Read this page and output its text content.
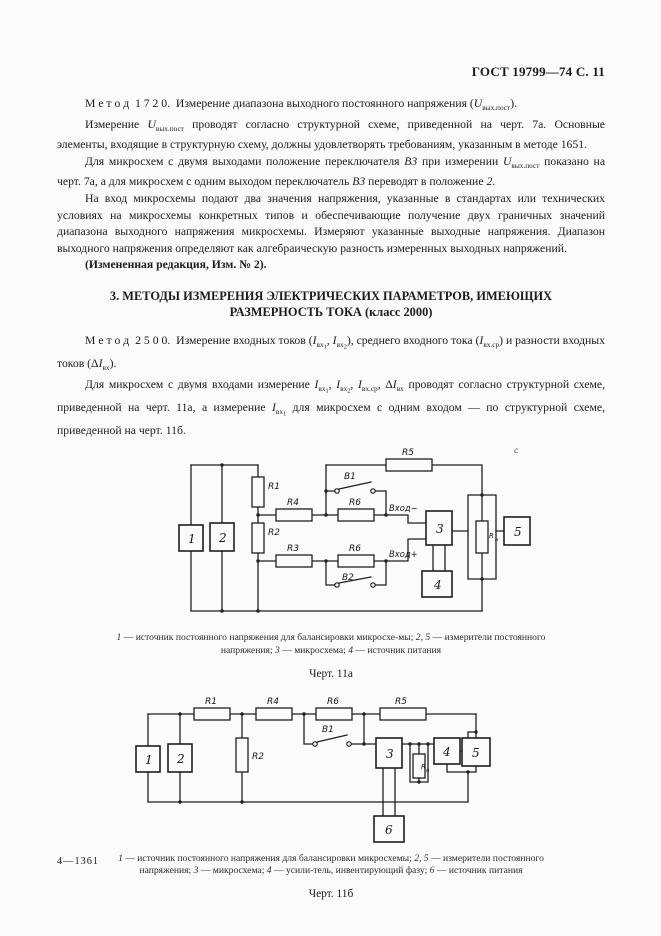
ГОСТ 19799—74 С. 11

М е т о д  1 7 2 0.  Измерение диапазона выходного постоянного напряжения $(U_{вых.пост})$.

Измерение $U_{вых.пост}$ проводят согласно структурной схеме, приведенной на черт. 7а. Основные элементы, входящие в структурную схему, должны удовлетворять требованиям, указанным в методе 1651.

Для микросхем с двумя выходами положение переключателя В3 при измерении $U_{вых.пост}$ показано на черт. 7а, а для микросхем с одним выходом переключатель В3 переводят в положение 2.

На вход микросхемы подают два значения напряжения, указанные в стандартах или технических условиях на микросхемы конкретных типов и обеспечивающие получение двух граничных значений диапазона выходного напряжения микросхемы. Измеряют указанные выходные напряжения. Диапазон выходного напряжения определяют как алгебраическую разность измеренных выходных напряжений.

(Измененная редакция, Изм. № 2).

3. МЕТОДЫ ИЗМЕРЕНИЯ ЭЛЕКТРИЧЕСКИХ ПАРАМЕТРОВ, ИМЕЮЩИХ РАЗМЕРНОСТЬ ТОКА (класс 2000)

М е т о д  2 5 0 0.  Измерение входных токов ($I_{вх1}$, $I_{вх2}$), среднего входного тока $(I_{вх.ср})$ и разности входных токов $(\Delta I_{вх})$.

Для микросхем с двумя входами измерение $I_{вх1}$, $I_{вх2}$, $I_{вх.ср}$, $\Delta I_{вх}$ проводят согласно структурной схеме, приведенной на черт. 11а, а измерение $I_{вх1}$ для микросхем с одним входом — по структурной схеме, приведенной на черт. 11б.

R1
R2
R4	R6
R3	R6
R5
R н
В1
В2
Вход−
Вход+
1 2
3
4
5
с
1 — источник постоянного напряжения для балансировки микросхе-мы; 2, 5 — измерители постоянного напряжения; 3 — микросхема; 4 — источник питания
Черт. 11а
R1	R4	R6	R5
R2
R н
В1
1 2	3	4 5
6
1 — источник постоянного напряжения для балансировки микросхемы; 2, 5 — измерители постоянного напряжения; 3 — микросхема; 4 — усили-тель, инвентирующий фазу; 6 — источник питания
Черт. 11б
4—1361
